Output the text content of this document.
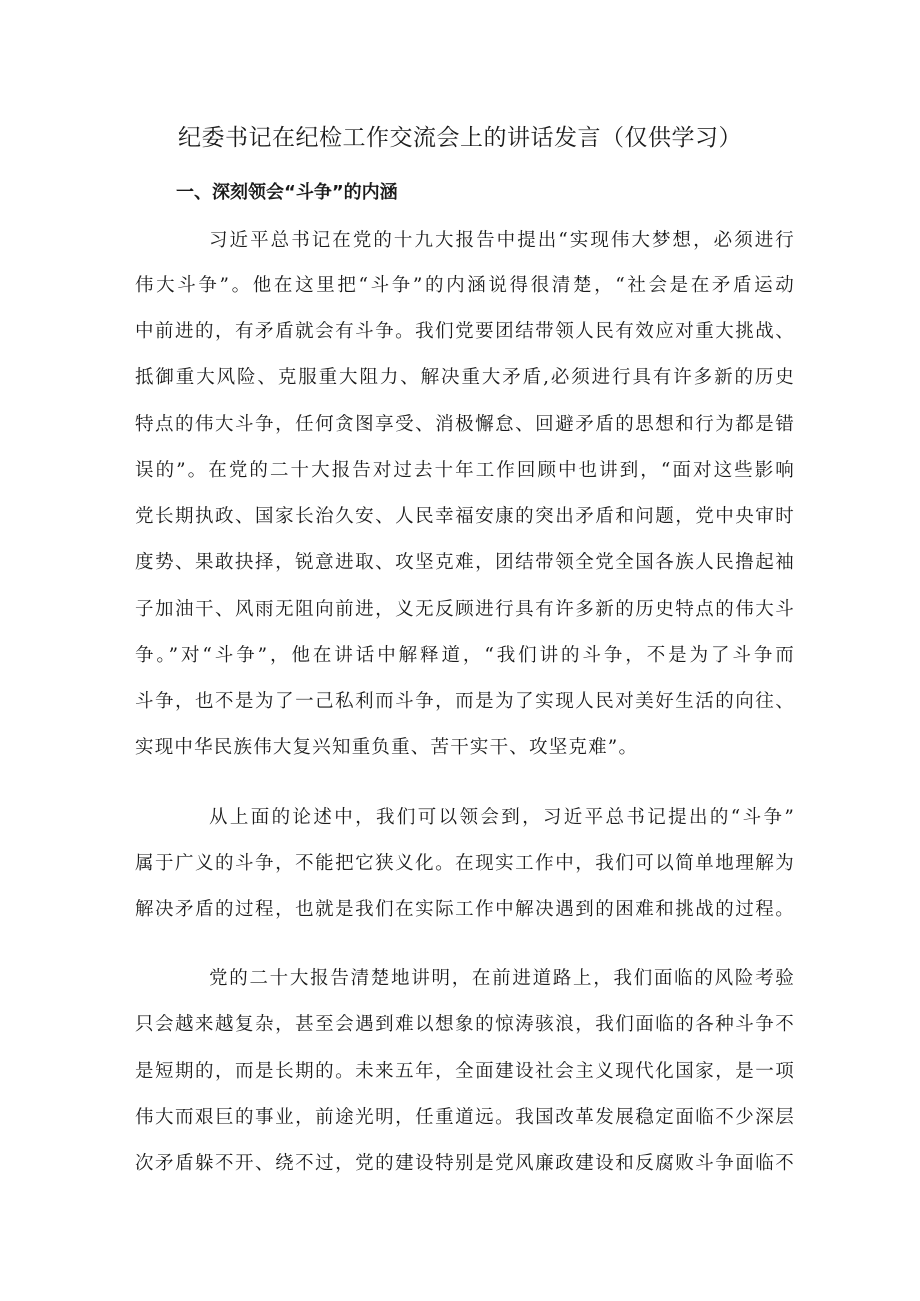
纪委书记在纪检工作交流会上的讲话发言（仅供学习）
一、深刻领会“斗争”的内涵
习近平总书记在党的十九大报告中提出“实现伟大梦想，必须进行
伟大斗争”。他在这里把“斗争”的内涵说得很清楚，“社会是在矛盾运动
中前进的，有矛盾就会有斗争。我们党要团结带领人民有效应对重大挑战、
抵御重大风险、克服重大阻力、解决重大矛盾,必须进行具有许多新的历史
特点的伟大斗争，任何贪图享受、消极懈怠、回避矛盾的思想和行为都是错
误的”。在党的二十大报告对过去十年工作回顾中也讲到，“面对这些影响
党长期执政、国家长治久安、人民幸福安康的突出矛盾和问题，党中央审时
度势、果敢抉择，锐意进取、攻坚克难，团结带领全党全国各族人民撸起袖
子加油干、风雨无阻向前进，义无反顾进行具有许多新的历史特点的伟大斗
争。”对“斗争”，他在讲话中解释道，“我们讲的斗争，不是为了斗争而
斗争，也不是为了一己私利而斗争，而是为了实现人民对美好生活的向往、
实现中华民族伟大复兴知重负重、苦干实干、攻坚克难”。
从上面的论述中，我们可以领会到，习近平总书记提出的“斗争”
属于广义的斗争，不能把它狭义化。在现实工作中，我们可以简单地理解为
解决矛盾的过程，也就是我们在实际工作中解决遇到的困难和挑战的过程。
党的二十大报告清楚地讲明，在前进道路上，我们面临的风险考验
只会越来越复杂，甚至会遇到难以想象的惊涛骇浪，我们面临的各种斗争不
是短期的，而是长期的。未来五年，全面建设社会主义现代化国家，是一项
伟大而艰巨的事业，前途光明，任重道远。我国改革发展稳定面临不少深层
次矛盾躲不开、绕不过，党的建设特别是党风廉政建设和反腐败斗争面临不
